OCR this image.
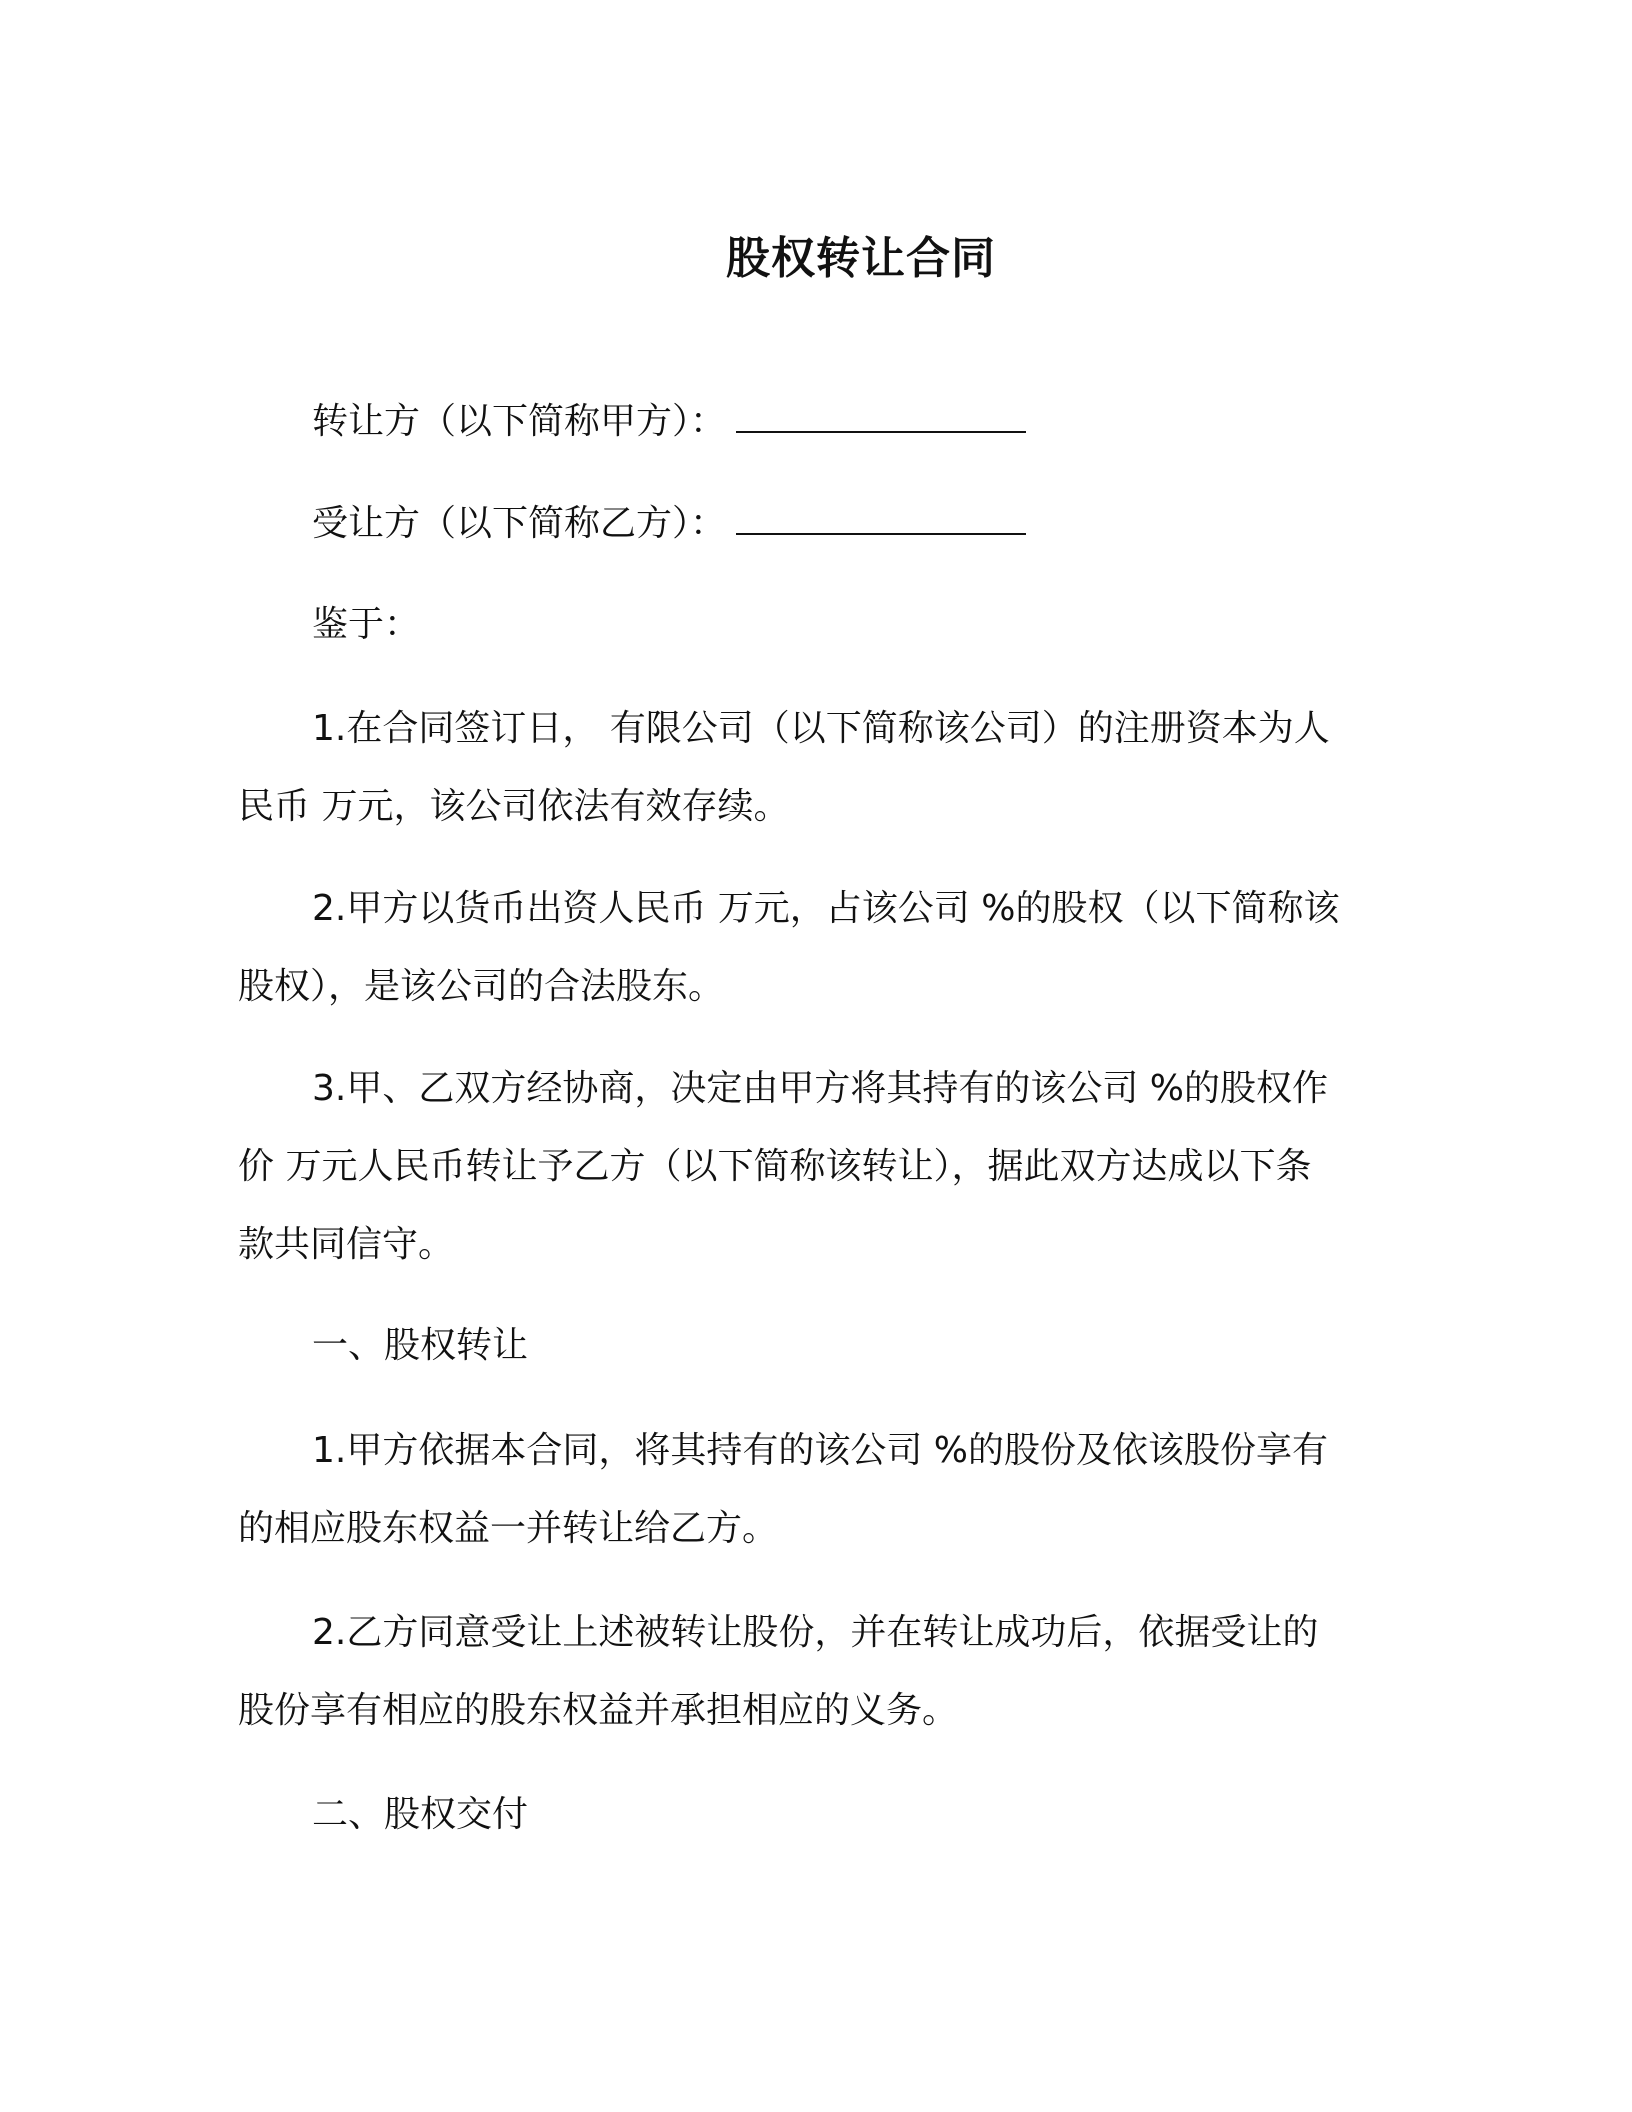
股权转让合同
转让方（以下简称甲方）：
受让方（以下简称乙方）：
鉴于：
1.在合同签订日， 有限公司（以下简称该公司）的注册资本为人
民币 万元，该公司依法有效存续。
2.甲方以货币出资人民币 万元，占该公司 %的股权（以下简称该
股权），是该公司的合法股东。
3.甲、乙双方经协商，决定由甲方将其持有的该公司 %的股权作
价 万元人民币转让予乙方（以下简称该转让），据此双方达成以下条
款共同信守。
一、股权转让
1.甲方依据本合同，将其持有的该公司 %的股份及依该股份享有
的相应股东权益一并转让给乙方。
2.乙方同意受让上述被转让股份，并在转让成功后，依据受让的
股份享有相应的股东权益并承担相应的义务。
二、股权交付
